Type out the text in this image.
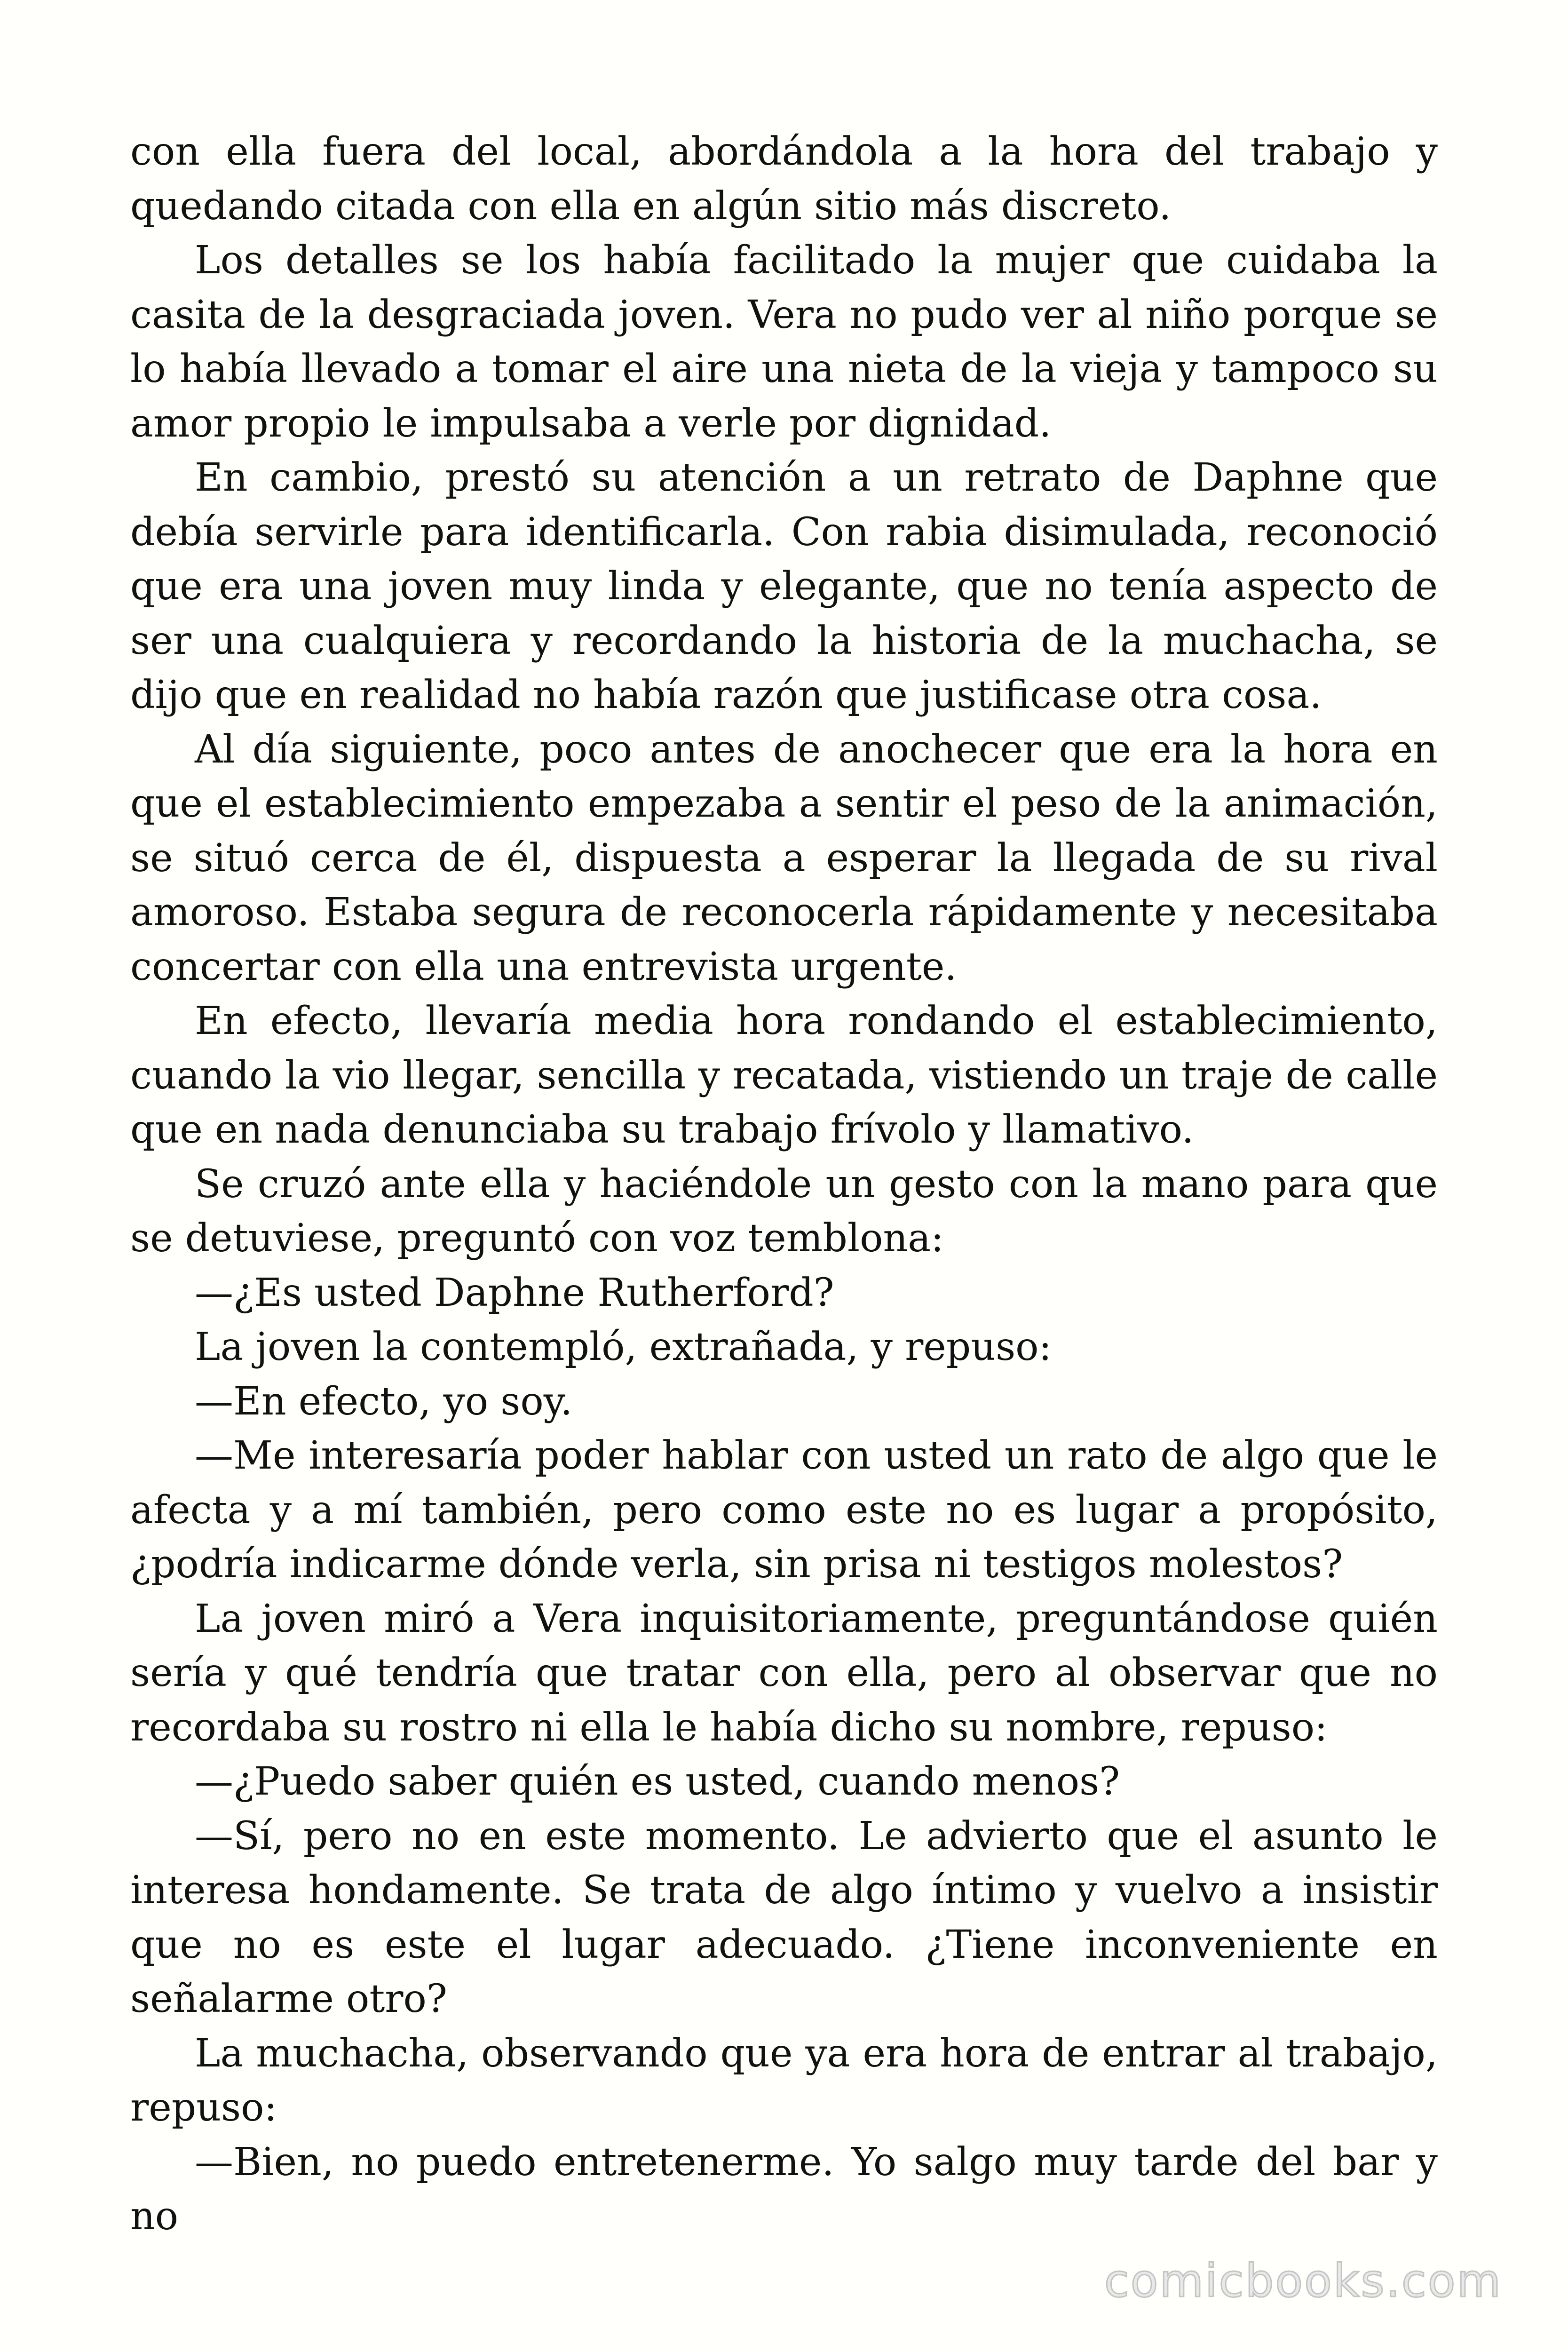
con ella fuera del local, abordándola a la hora del trabajo y quedando citada con ella en algún sitio más discreto.

Los detalles se los había facilitado la mujer que cuidaba la casita de la desgraciada joven. Vera no pudo ver al niño porque se lo había llevado a tomar el aire una nieta de la vieja y tampoco su amor propio le impulsaba a verle por dignidad.

En cambio, prestó su atención a un retrato de Daphne que debía servirle para identificarla. Con rabia disimulada, reconoció que era una joven muy linda y elegante, que no tenía aspecto de ser una cualquiera y recordando la historia de la muchacha, se dijo que en realidad no había razón que justificase otra cosa.

Al día siguiente, poco antes de anochecer que era la hora en que el establecimiento empezaba a sentir el peso de la animación, se situó cerca de él, dispuesta a esperar la llegada de su rival amoroso. Estaba segura de reconocerla rápidamente y necesitaba concertar con ella una entrevista urgente.

En efecto, llevaría media hora rondando el establecimiento, cuando la vio llegar, sencilla y recatada, vistiendo un traje de calle que en nada denunciaba su trabajo frívolo y llamativo.

Se cruzó ante ella y haciéndole un gesto con la mano para que se detuviese, preguntó con voz temblona:

—¿Es usted Daphne Rutherford?

La joven la contempló, extrañada, y repuso:

—En efecto, yo soy.

—Me interesaría poder hablar con usted un rato de algo que le afecta y a mí también, pero como este no es lugar a propósito, ¿podría indicarme dónde verla, sin prisa ni testigos molestos?

La joven miró a Vera inquisitoriamente, preguntándose quién sería y qué tendría que tratar con ella, pero al observar que no recordaba su rostro ni ella le había dicho su nombre, repuso:

—¿Puedo saber quién es usted, cuando menos?

—Sí, pero no en este momento. Le advierto que el asunto le interesa hondamente. Se trata de algo íntimo y vuelvo a insistir que no es este el lugar adecuado. ¿Tiene inconveniente en señalarme otro?

La muchacha, observando que ya era hora de entrar al trabajo, repuso:

—Bien, no puedo entretenerme. Yo salgo muy tarde del bar y no

comicbooks.com
